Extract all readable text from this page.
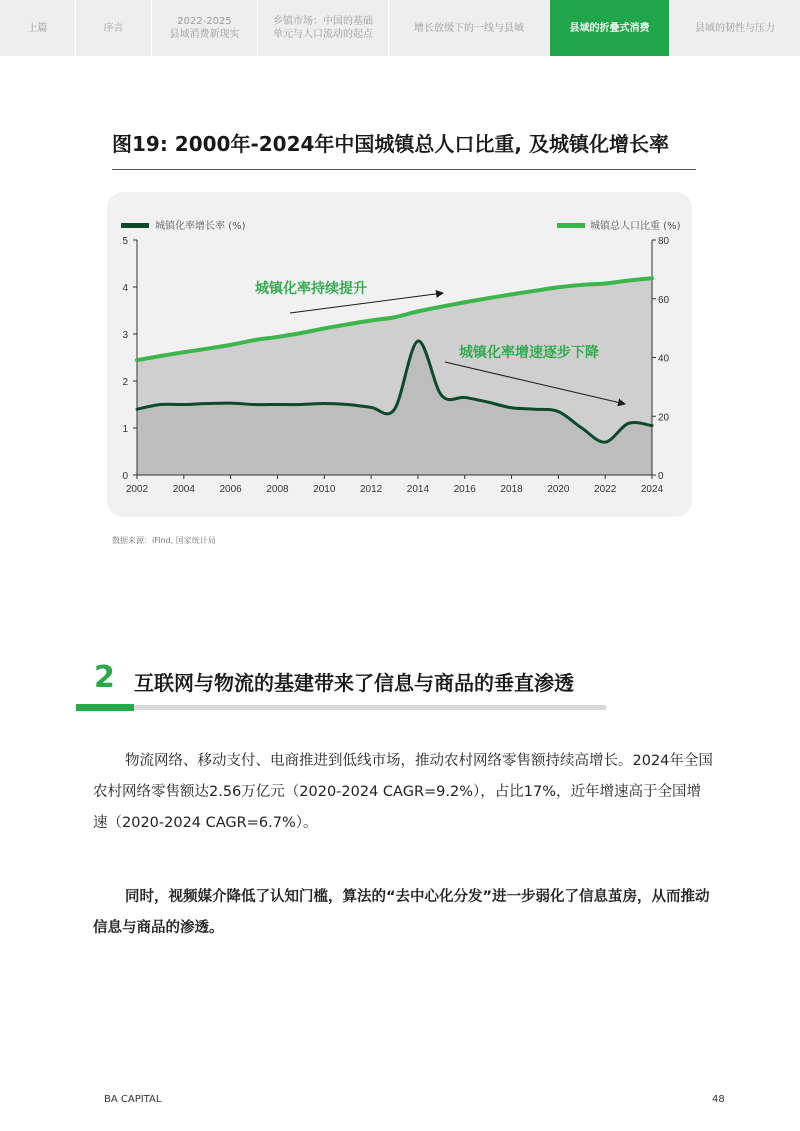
上篇	序言
2022-2025
县域消费新现实
乡镇市场：中国的基础
单元与人口流动的起点
增长放缓下的一线与县域	县域的折叠式消费	县域的韧性与压力
图19: 2000年-2024年中国城镇总人口比重, 及城镇化增长率
0
1
2
3
4
5
0
20
40
60
80
2002 2004 2006 2008 2010 2012 2014 2016 2018 2020 2022 2024
城镇化率增长率 (%)	城镇总人口比重 (%)
城镇化率持续提升
城镇化率增速逐步下降
数据来源：iFind, 国家统计局
2 互联网与物流的基建带来了信息与商品的垂直渗透
物流网络、移动支付、电商推进到低线市场，推动农村网络零售额持续高增长。2024年全国农村网络零售额达2.56万亿元（2020-2024 CAGR=9.2%），占比17%，近年增速高于全国增速（2020-2024 CAGR=6.7%）。
同时，视频媒介降低了认知门槛，算法的“去中心化分发”进一步弱化了信息茧房，从而推动信息与商品的渗透。
BA CAPITAL	48
